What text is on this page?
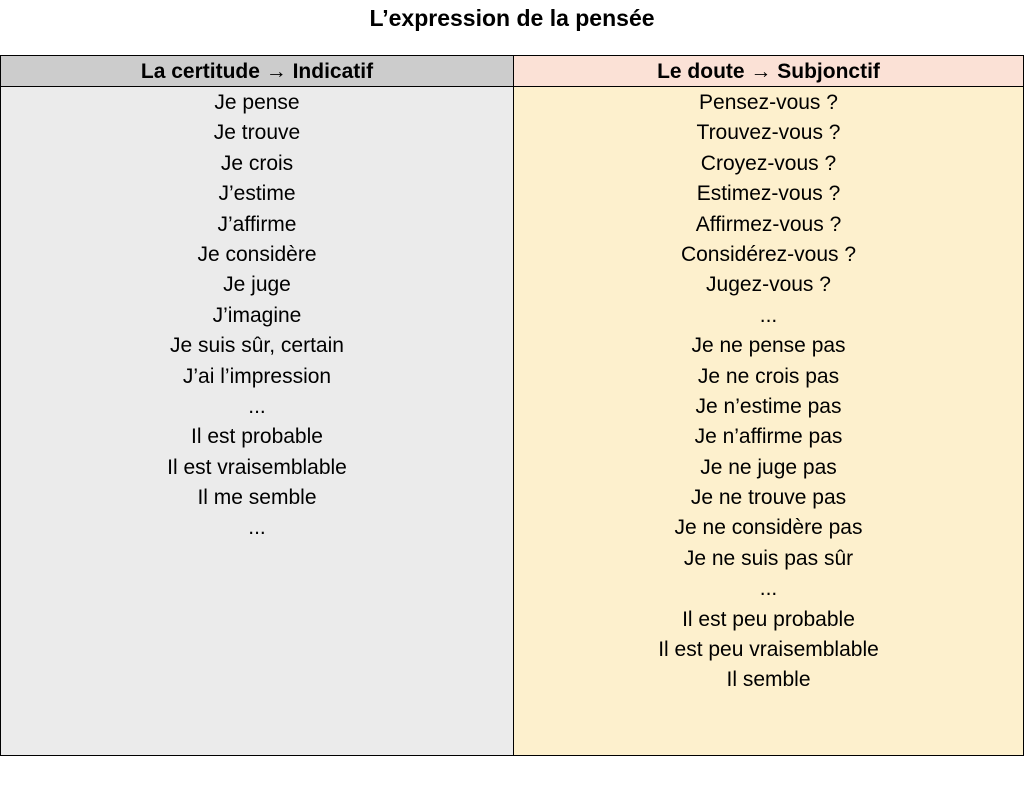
L’expression de la pensée
La certitude → Indicatif
Je pense
Je trouve
Je crois
J’estime
J’affirme
Je considère
Je juge
J’imagine
Je suis sûr, certain
J’ai l’impression
...
Il est probable
Il est vraisemblable
Il me semble
...
Le doute → Subjonctif
Pensez-vous ?
Trouvez-vous ?
Croyez-vous ?
Estimez-vous ?
Affirmez-vous ?
Considérez-vous ?
Jugez-vous ?
...
Je ne pense pas
Je ne crois pas
Je n’estime pas
Je n’affirme pas
Je ne juge pas
Je ne trouve pas
Je ne considère pas
Je ne suis pas sûr
...
Il est peu probable
Il est peu vraisemblable
Il semble
